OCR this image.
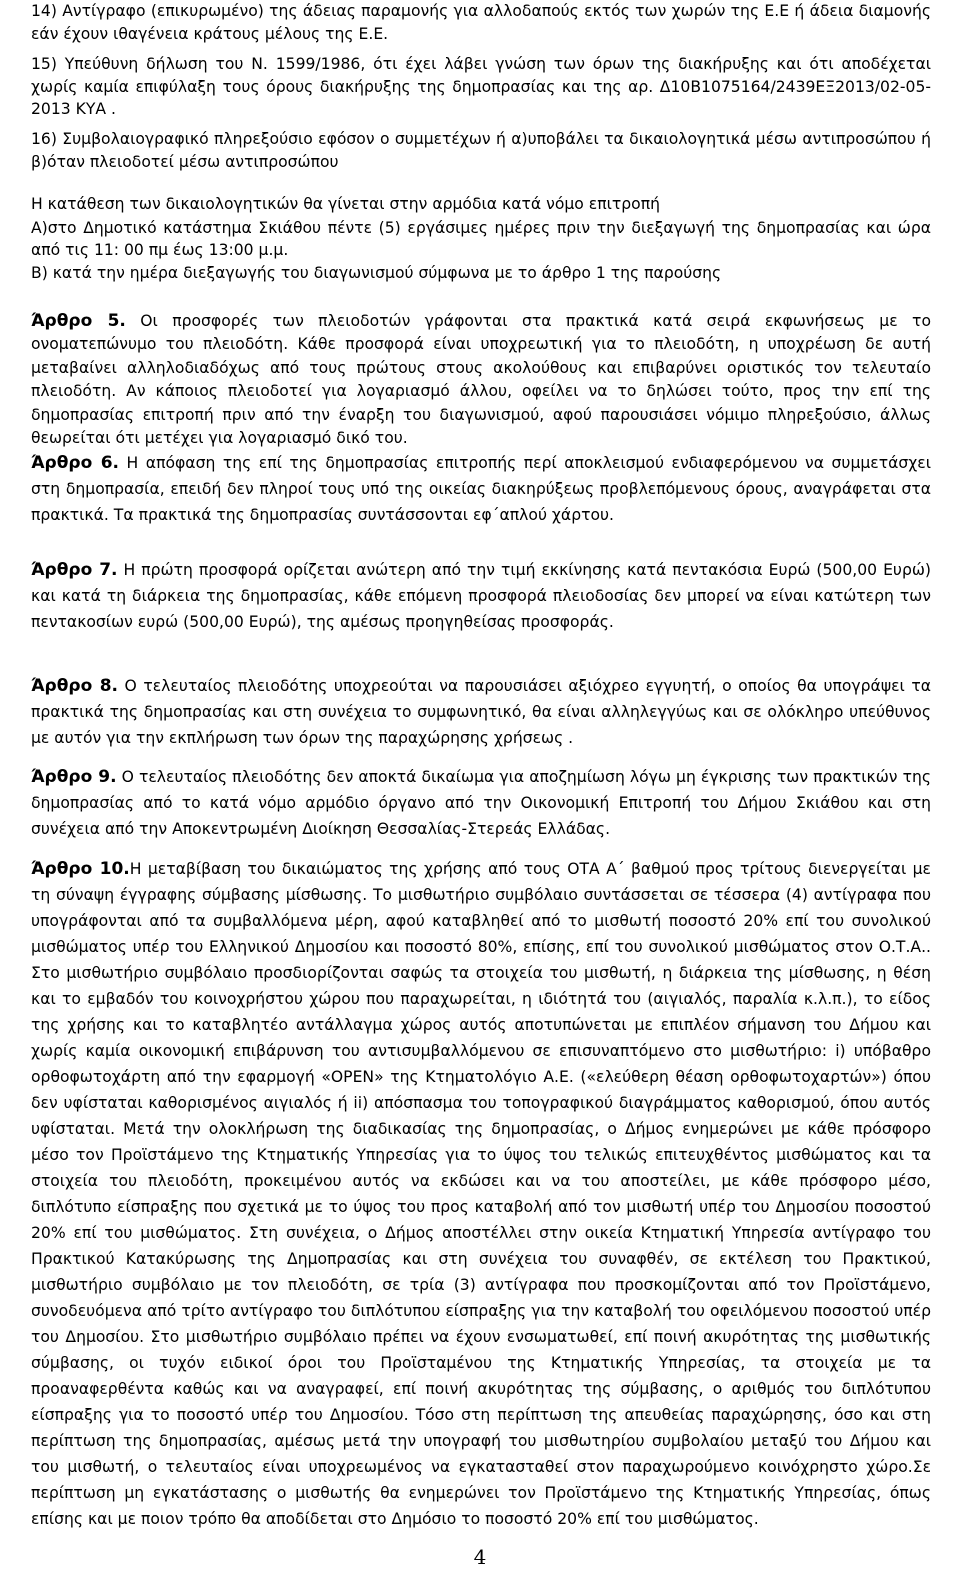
14) Αντίγραφο (επικυρωμένο) της άδειας παραμονής για αλλοδαπούς εκτός των χωρών της Ε.Ε ή άδεια διαμονής εάν έχουν ιθαγένεια κράτους μέλους της Ε.Ε.

15) Υπεύθυνη δήλωση του Ν. 1599/1986, ότι έχει λάβει γνώση των όρων της διακήρυξης και ότι αποδέχεται χωρίς καμία επιφύλαξη τους όρους διακήρυξης της δημοπρασίας και της αρ. Δ10Β1075164/2439ΕΞ2013/02-05-2013 ΚΥΑ .

16) Συμβολαιογραφικό πληρεξούσιο εφόσον ο συμμετέχων ή α)υποβάλει τα δικαιολογητικά μέσω αντιπροσώπου ή β)όταν πλειοδοτεί μέσω αντιπροσώπου

Η κατάθεση των δικαιολογητικών θα γίνεται στην αρμόδια κατά νόμο επιτροπή

Α)στο Δημοτικό κατάστημα Σκιάθου πέντε (5) εργάσιμες ημέρες πριν την διεξαγωγή της δημοπρασίας και ώρα από τις 11: 00 πμ έως 13:00 μ.μ.

Β) κατά την ημέρα διεξαγωγής του διαγωνισμού σύμφωνα με το άρθρο 1 της παρούσης

Άρθρο 5. Οι προσφορές των πλειοδοτών γράφονται στα πρακτικά κατά σειρά εκφωνήσεως με το ονοματεπώνυμο του πλειοδότη. Κάθε προσφορά είναι υποχρεωτική για το πλειοδότη, η υποχρέωση δε αυτή μεταβαίνει αλληλοδιαδόχως από τους πρώτους στους ακολούθους και επιβαρύνει οριστικός τον τελευταίο πλειοδότη. Αν κάποιος πλειοδοτεί για λογαριασμό άλλου, οφείλει να το δηλώσει τούτο, προς την επί της δημοπρασίας επιτροπή πριν από την έναρξη του διαγωνισμού, αφού παρουσιάσει νόμιμο πληρεξούσιο, άλλως θεωρείται ότι μετέχει για λογαριασμό δικό του.

Άρθρο 6. Η απόφαση της επί της δημοπρασίας επιτροπής περί αποκλεισμού ενδιαφερόμενου να συμμετάσχει στη δημοπρασία, επειδή δεν πληροί τους υπό της οικείας διακηρύξεως προβλεπόμενους όρους, αναγράφεται στα πρακτικά. Τα πρακτικά της δημοπρασίας συντάσσονται εφ΄απλού χάρτου.

Άρθρο 7. Η πρώτη προσφορά ορίζεται ανώτερη από την τιμή εκκίνησης κατά πεντακόσια Ευρώ (500,00 Ευρώ) και κατά τη διάρκεια της δημοπρασίας, κάθε επόμενη προσφορά πλειοδοσίας δεν μπορεί να είναι κατώτερη των πεντακοσίων ευρώ (500,00 Ευρώ), της αμέσως προηγηθείσας προσφοράς.

Άρθρο 8. Ο τελευταίος πλειοδότης υποχρεούται να παρουσιάσει αξιόχρεο εγγυητή, ο οποίος θα υπογράψει τα πρακτικά της δημοπρασίας και στη συνέχεια το συμφωνητικό, θα είναι αλληλεγγύως και σε ολόκληρο υπεύθυνος με αυτόν για την εκπλήρωση των όρων της παραχώρησης χρήσεως .

Άρθρο 9. Ο τελευταίος πλειοδότης δεν αποκτά δικαίωμα για αποζημίωση λόγω μη έγκρισης των πρακτικών της δημοπρασίας από το κατά νόμο αρμόδιο όργανο από την Οικονομική Επιτροπή του Δήμου Σκιάθου και στη συνέχεια από την Αποκεντρωμένη Διοίκηση Θεσσαλίας-Στερεάς Ελλάδας.

Άρθρο 10.Η μεταβίβαση του δικαιώματος της χρήσης από τους ΟΤΑ Α΄ βαθμού προς τρίτους διενεργείται με τη σύναψη έγγραφης σύμβασης μίσθωσης. Το μισθωτήριο συμβόλαιο συντάσσεται σε τέσσερα (4) αντίγραφα που υπογράφονται από τα συμβαλλόμενα μέρη, αφού καταβληθεί από το μισθωτή ποσοστό 20% επί του συνολικού μισθώματος υπέρ του Ελληνικού Δημοσίου και ποσοστό 80%, επίσης, επί του συνολικού μισθώματος στον Ο.Τ.Α.. Στο μισθωτήριο συμβόλαιο προσδιορίζονται σαφώς τα στοιχεία του μισθωτή, η διάρκεια της μίσθωσης, η θέση και το εμβαδόν του κοινοχρήστου χώρου που παραχωρείται, η ιδιότητά του (αιγιαλός, παραλία κ.λ.π.), το είδος της χρήσης και το καταβλητέο αντάλλαγμα χώρος αυτός αποτυπώνεται με επιπλέον σήμανση του Δήμου και χωρίς καμία οικονομική επιβάρυνση του αντισυμβαλλόμενου σε επισυναπτόμενο στο μισθωτήριο: i) υπόβαθρο ορθοφωτοχάρτη από την εφαρμογή «OPEN» της Κτηματολόγιο Α.Ε. («ελεύθερη θέαση ορθοφωτοχαρτών») όπου δεν υφίσταται καθορισμένος αιγιαλός ή ii) απόσπασμα του τοπογραφικού διαγράμματος καθορισμού, όπου αυτός υφίσταται. Μετά την ολοκλήρωση της διαδικασίας της δημοπρασίας, ο Δήμος ενημερώνει με κάθε πρόσφορο μέσο τον Προϊστάμενο της Κτηματικής Υπηρεσίας για το ύψος του τελικώς επιτευχθέντος μισθώματος και τα στοιχεία του πλειοδότη, προκειμένου αυτός να εκδώσει και να του αποστείλει, με κάθε πρόσφορο μέσο, διπλότυπο είσπραξης που σχετικά με το ύψος του προς καταβολή από τον μισθωτή υπέρ του Δημοσίου ποσοστού 20% επί του μισθώματος. Στη συνέχεια, ο Δήμος αποστέλλει στην οικεία Κτηματική Υπηρεσία αντίγραφο του Πρακτικού Κατακύρωσης της Δημοπρασίας και στη συνέχεια του συναφθέν, σε εκτέλεση του Πρακτικού, μισθωτήριο συμβόλαιο με τον πλειοδότη, σε τρία (3) αντίγραφα που προσκομίζονται από τον Προϊστάμενο, συνοδευόμενα από τρίτο αντίγραφο του διπλότυπου είσπραξης για την καταβολή του οφειλόμενου ποσοστού υπέρ του Δημοσίου. Στο μισθωτήριο συμβόλαιο πρέπει να έχουν ενσωματωθεί, επί ποινή ακυρότητας της μισθωτικής σύμβασης, οι τυχόν ειδικοί όροι του Προϊσταμένου της Κτηματικής Υπηρεσίας, τα στοιχεία με τα προαναφερθέντα καθώς και να αναγραφεί, επί ποινή ακυρότητας της σύμβασης, ο αριθμός του διπλότυπου είσπραξης για το ποσοστό υπέρ του Δημοσίου. Τόσο στη περίπτωση της απευθείας παραχώρησης, όσο και στη περίπτωση της δημοπρασίας, αμέσως μετά την υπογραφή του μισθωτηρίου συμβολαίου μεταξύ του Δήμου και του μισθωτή, ο τελευταίος είναι υποχρεωμένος να εγκατασταθεί στον παραχωρούμενο κοινόχρηστο χώρο.Σε περίπτωση μη εγκατάστασης ο μισθωτής θα ενημερώνει τον Προϊστάμενο της Κτηματικής Υπηρεσίας, όπως επίσης και με ποιον τρόπο θα αποδίδεται στο Δημόσιο το ποσοστό 20% επί του μισθώματος.

4
